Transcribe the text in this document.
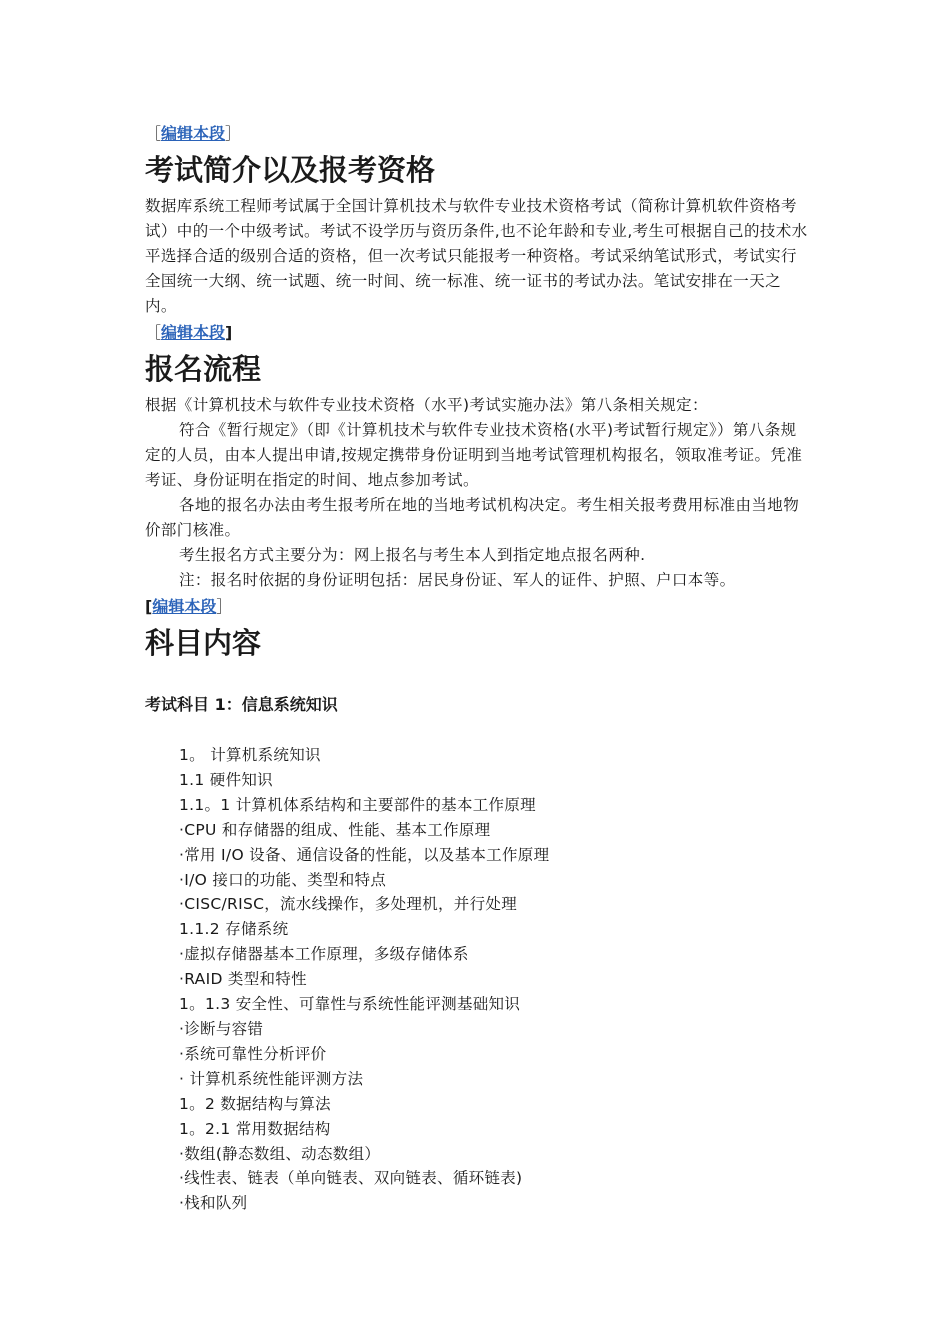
［编辑本段］
考试简介以及报考资格

数据库系统工程师考试属于全国计算机技术与软件专业技术资格考试（简称计算机软件资格考试）中的一个中级考试。考试不设学历与资历条件,也不论年龄和专业,考生可根据自己的技术水平选择合适的级别合适的资格，但一次考试只能报考一种资格。考试采纳笔试形式，考试实行全国统一大纲、统一试题、统一时间、统一标准、统一证书的考试办法。笔试安排在一天之内。

［编辑本段]
报名流程

根据《计算机技术与软件专业技术资格（水平)考试实施办法》第八条相关规定：

符合《暂行规定》（即《计算机技术与软件专业技术资格(水平)考试暂行规定》）第八条规定的人员，由本人提出申请,按规定携带身份证明到当地考试管理机构报名，领取准考证。凭准考证、身份证明在指定的时间、地点参加考试。

各地的报名办法由考生报考所在地的当地考试机构决定。考生相关报考费用标准由当地物价部门核准。

考生报名方式主要分为：网上报名与考生本人到指定地点报名两种.

注：报名时依据的身份证明包括：居民身份证、军人的证件、护照、户口本等。

[编辑本段］
科目内容
考试科目 1：信息系统知识
1。 计算机系统知识
1.1 硬件知识
1.1。1 计算机体系结构和主要部件的基本工作原理
·CPU 和存储器的组成、性能、基本工作原理
·常用 I/O 设备、通信设备的性能，以及基本工作原理
·I/O 接口的功能、类型和特点
·CISC/RISC，流水线操作，多处理机，并行处理
1.1.2 存储系统
·虚拟存储器基本工作原理，多级存储体系
·RAID 类型和特性
1。1.3 安全性、可靠性与系统性能评测基础知识
·诊断与容错
·系统可靠性分析评价
· 计算机系统性能评测方法
1。2 数据结构与算法
1。2.1 常用数据结构
·数组(静态数组、动态数组）
·线性表、链表（单向链表、双向链表、循环链表)
·栈和队列
